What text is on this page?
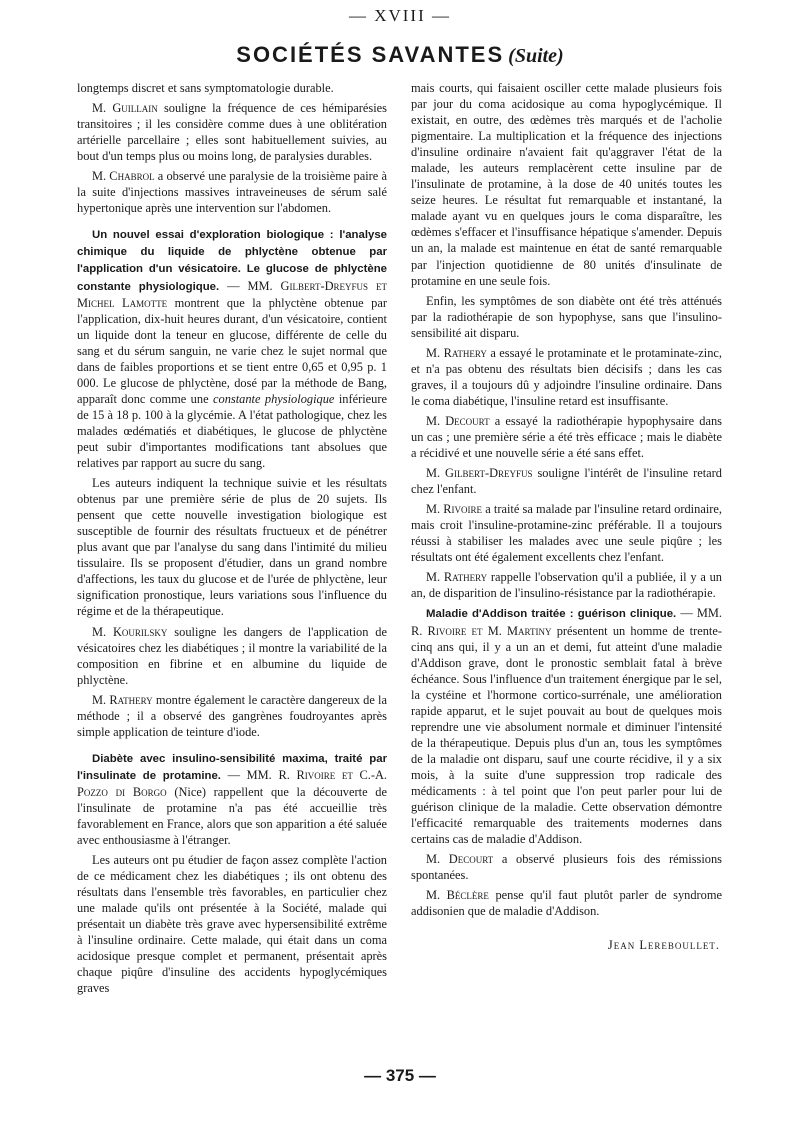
— XVIII —
SOCIÉTÉS SAVANTES (Suite)

longtemps discret et sans symptomatologie durable.

M. Guillain souligne la fréquence de ces hémiparésies transitoires ; il les considère comme dues à une oblitération artérielle parcellaire ; elles sont habituellement suivies, au bout d'un temps plus ou moins long, de paralysies durables.

M. Chabrol a observé une paralysie de la troisième paire à la suite d'injections massives intraveineuses de sérum salé hypertonique après une intervention sur l'abdomen.

Un nouvel essai d'exploration biologique : l'analyse chimique du liquide de phlyctène obtenue par l'application d'un vésicatoire. Le glucose de phlyctène constante physiologique. — MM. Gilbert-Dreyfus et Michel Lamotte montrent que la phlyctène obtenue par l'application, dix-huit heures durant, d'un vésicatoire, contient un liquide dont la teneur en glucose, différente de celle du sang et du sérum sanguin, ne varie chez le sujet normal que dans de faibles proportions et se tient entre 0,65 et 0,95 p. 1 000. Le glucose de phlyctène, dosé par la méthode de Bang, apparaît donc comme une constante physiologique inférieure de 15 à 18 p. 100 à la glycémie. A l'état pathologique, chez les malades œdématiés et diabétiques, le glucose de phlyctène peut subir d'importantes modifications tant absolues que relatives par rapport au sucre du sang.

Les auteurs indiquent la technique suivie et les résultats obtenus par une première série de plus de 20 sujets. Ils pensent que cette nouvelle investigation biologique est susceptible de fournir des résultats fructueux et de pénétrer plus avant que par l'analyse du sang dans l'intimité du milieu tissulaire. Ils se proposent d'étudier, dans un grand nombre d'affections, les taux du glucose et de l'urée de phlyctène, leur signification pronostique, leurs variations sous l'influence du régime et de la thérapeutique.

M. Kourilsky souligne les dangers de l'application de vésicatoires chez les diabétiques ; il montre la variabilité de la composition en fibrine et en albumine du liquide de phlyctène.

M. Rathery montre également le caractère dangereux de la méthode ; il a observé des gangrènes foudroyantes après simple application de teinture d'iode.

Diabète avec insulino-sensibilité maxima, traité par l'insulinate de protamine. — MM. R. Rivoire et C.-A. Pozzo di Borgo (Nice) rappellent que la découverte de l'insulinate de protamine n'a pas été accueillie très favorablement en France, alors que son apparition a été saluée avec enthousiasme à l'étranger.

Les auteurs ont pu étudier de façon assez complète l'action de ce médicament chez les diabétiques ; ils ont obtenu des résultats dans l'ensemble très favorables, en particulier chez une malade qu'ils ont présentée à la Société, malade qui présentait un diabète très grave avec hypersensibilité extrême à l'insuline ordinaire. Cette malade, qui était dans un coma acidosique presque complet et permanent, présentait après chaque piqûre d'insuline des accidents hypoglycémiques graves

mais courts, qui faisaient osciller cette malade plusieurs fois par jour du coma acidosique au coma hypoglycémique. Il existait, en outre, des œdèmes très marqués et de l'acholie pigmentaire. La multiplication et la fréquence des injections d'insuline ordinaire n'avaient fait qu'aggraver l'état de la malade, les auteurs remplacèrent cette insuline par de l'insulinate de protamine, à la dose de 40 unités toutes les seize heures. Le résultat fut remarquable et instantané, la malade ayant vu en quelques jours le coma disparaître, les œdèmes s'effacer et l'insuffisance hépatique s'amender. Depuis un an, la malade est maintenue en état de santé remarquable par l'injection quotidienne de 80 unités d'insulinate de protamine en une seule fois.

Enfin, les symptômes de son diabète ont été très atténués par la radiothérapie de son hypophyse, sans que l'insulino-sensibilité ait disparu.

M. Rathery a essayé le protaminate et le protaminate-zinc, et n'a pas obtenu des résultats bien décisifs ; dans les cas graves, il a toujours dû y adjoindre l'insuline ordinaire. Dans le coma diabétique, l'insuline retard est insuffisante.

M. Decourt a essayé la radiothérapie hypophysaire dans un cas ; une première série a été très efficace ; mais le diabète a récidivé et une nouvelle série a été sans effet.

M. Gilbert-Dreyfus souligne l'intérêt de l'insuline retard chez l'enfant.

M. Rivoire a traité sa malade par l'insuline retard ordinaire, mais croit l'insuline-protamine-zinc préférable. Il a toujours réussi à stabiliser les malades avec une seule piqûre ; les résultats ont été également excellents chez l'enfant.

M. Rathery rappelle l'observation qu'il a publiée, il y a un an, de disparition de l'insulino-résistance par la radiothérapie.

Maladie d'Addison traitée : guérison clinique. — MM. R. Rivoire et M. Martiny présentent un homme de trente-cinq ans qui, il y a un an et demi, fut atteint d'une maladie d'Addison grave, dont le pronostic semblait fatal à brève échéance. Sous l'influence d'un traitement énergique par le sel, la cystéine et l'hormone cortico-surrénale, une amélioration rapide apparut, et le sujet pouvait au bout de quelques mois reprendre une vie absolument normale et diminuer l'intensité de la thérapeutique. Depuis plus d'un an, tous les symptômes de la maladie ont disparu, sauf une courte récidive, il y a six mois, à la suite d'une suppression trop radicale des médicaments : à tel point que l'on peut parler pour lui de guérison clinique de la maladie. Cette observation démontre l'efficacité remarquable des traitements modernes dans certains cas de maladie d'Addison.

M. Decourt a observé plusieurs fois des rémissions spontanées.

M. Béclère pense qu'il faut plutôt parler de syndrome addisonien que de maladie d'Addison.

Jean Lereboullet.
— 375 —
